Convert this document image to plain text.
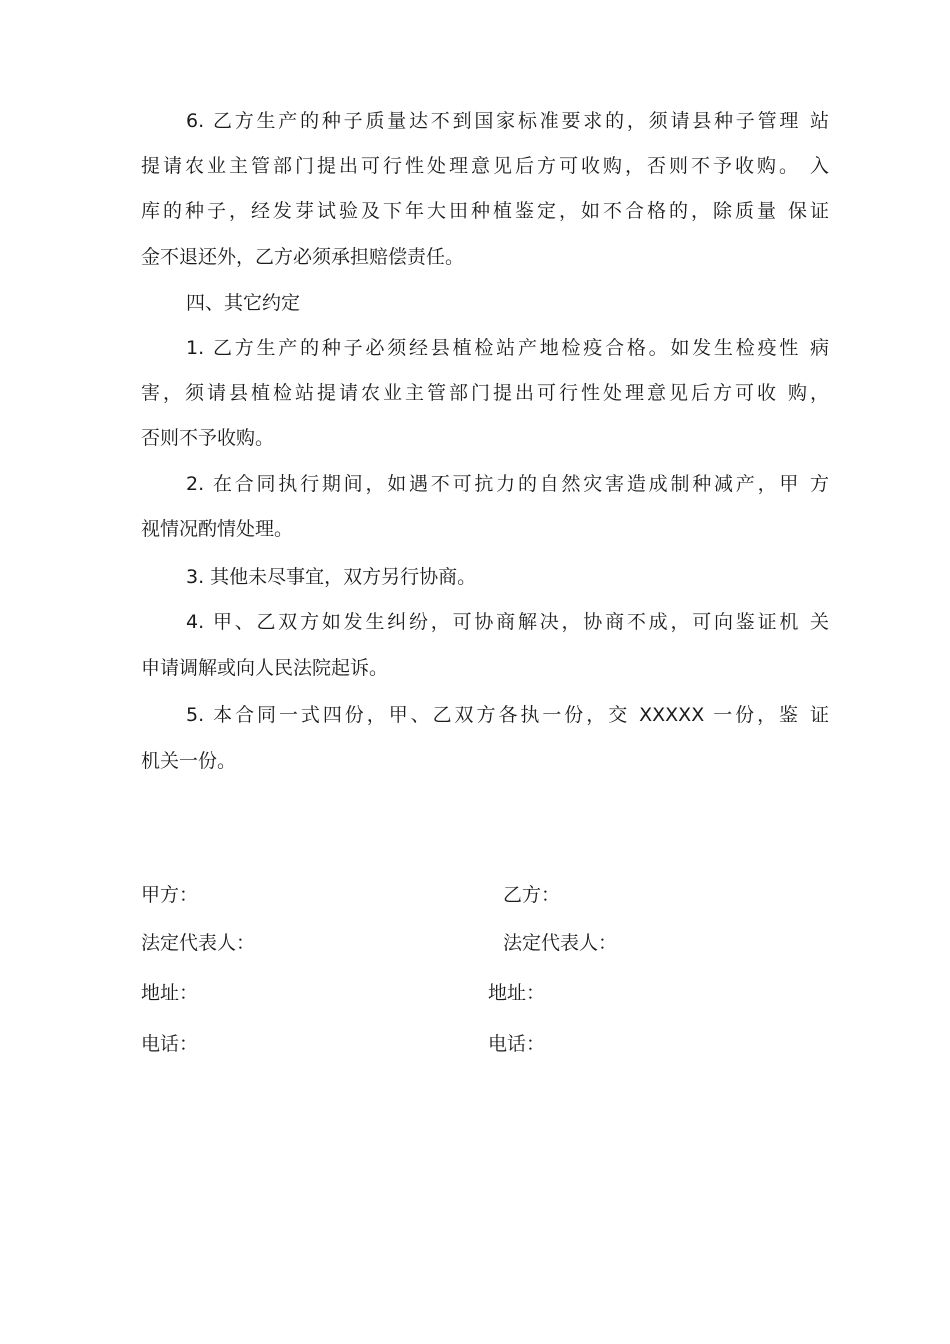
6. 乙方生产的种子质量达不到国家标准要求的，须请县种子管理 站
提请农业主管部门提出可行性处理意见后方可收购，否则不予收购。 入
库的种子，经发芽试验及下年大田种植鉴定，如不合格的，除质量 保证
金不退还外，乙方必须承担赔偿责任。
四、其它约定
1. 乙方生产的种子必须经县植检站产地检疫合格。如发生检疫性 病
害，须请县植检站提请农业主管部门提出可行性处理意见后方可收 购，
否则不予收购。
2. 在合同执行期间，如遇不可抗力的自然灾害造成制种减产，甲 方
视情况酌情处理。
3. 其他未尽事宜，双方另行协商。
4. 甲、乙双方如发生纠纷，可协商解决，协商不成，可向鉴证机 关
申请调解或向人民法院起诉。
5. 本合同一式四份，甲、乙双方各执一份，交 XXXXX 一份，鉴 证
机关一份。
甲方：
法定代表人：
地址：
电话：
乙方：
法定代表人：
地址：
电话：
